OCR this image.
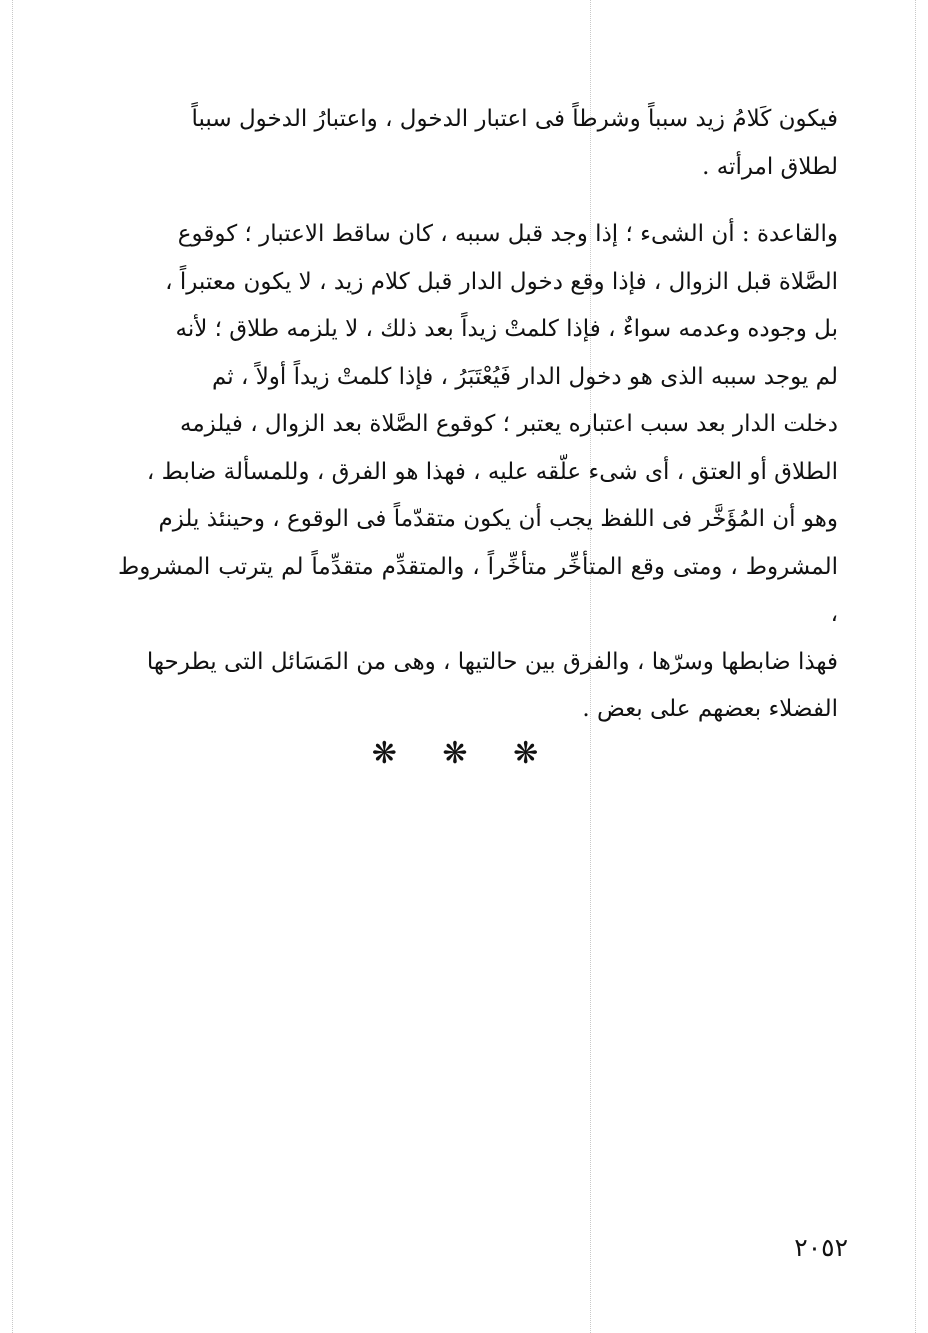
فيكون كَلامُ زيد سبباً وشرطاً فى اعتبار الدخول ، واعتبارُ الدخول سبباً
لطلاق امرأته .

والقاعدة : أن الشىء ؛ إذا وجد قبل سببه ، كان ساقط الاعتبار ؛ كوقوع
الصَّلاة قبل الزوال ، فإذا وقع دخول الدار قبل كلام زيد ، لا يكون معتبراً ،
بل وجوده وعدمه سواءٌ ، فإذا كلمتْ زيداً بعد ذلك ، لا يلزمه طلاق ؛ لأنه
لم يوجد سببه الذى هو دخول الدار فَيُعْتَبَرُ ، فإذا كلمتْ زيداً أولاً ، ثم
دخلت الدار بعد سبب اعتباره يعتبر ؛ كوقوع الصَّلاة بعد الزوال ، فيلزمه
الطلاق أو العتق ، أى شىء علّقه عليه ، فهذا هو الفرق ، وللمسألة ضابط ،
وهو أن المُؤَخَّر فى اللفظ يجب أن يكون متقدّماً فى الوقوع ، وحينئذ يلزم
المشروط ، ومتى وقع المتأخِّر متأخِّراً ، والمتقدِّم متقدِّماً لم يترتب المشروط ،
فهذا ضابطها وسرّها ، والفرق بين حالتيها ، وهى من المَسَائل التى يطرحها
الفضلاء بعضهم على بعض .

❋ ❋ ❋
٢٠٥٢
